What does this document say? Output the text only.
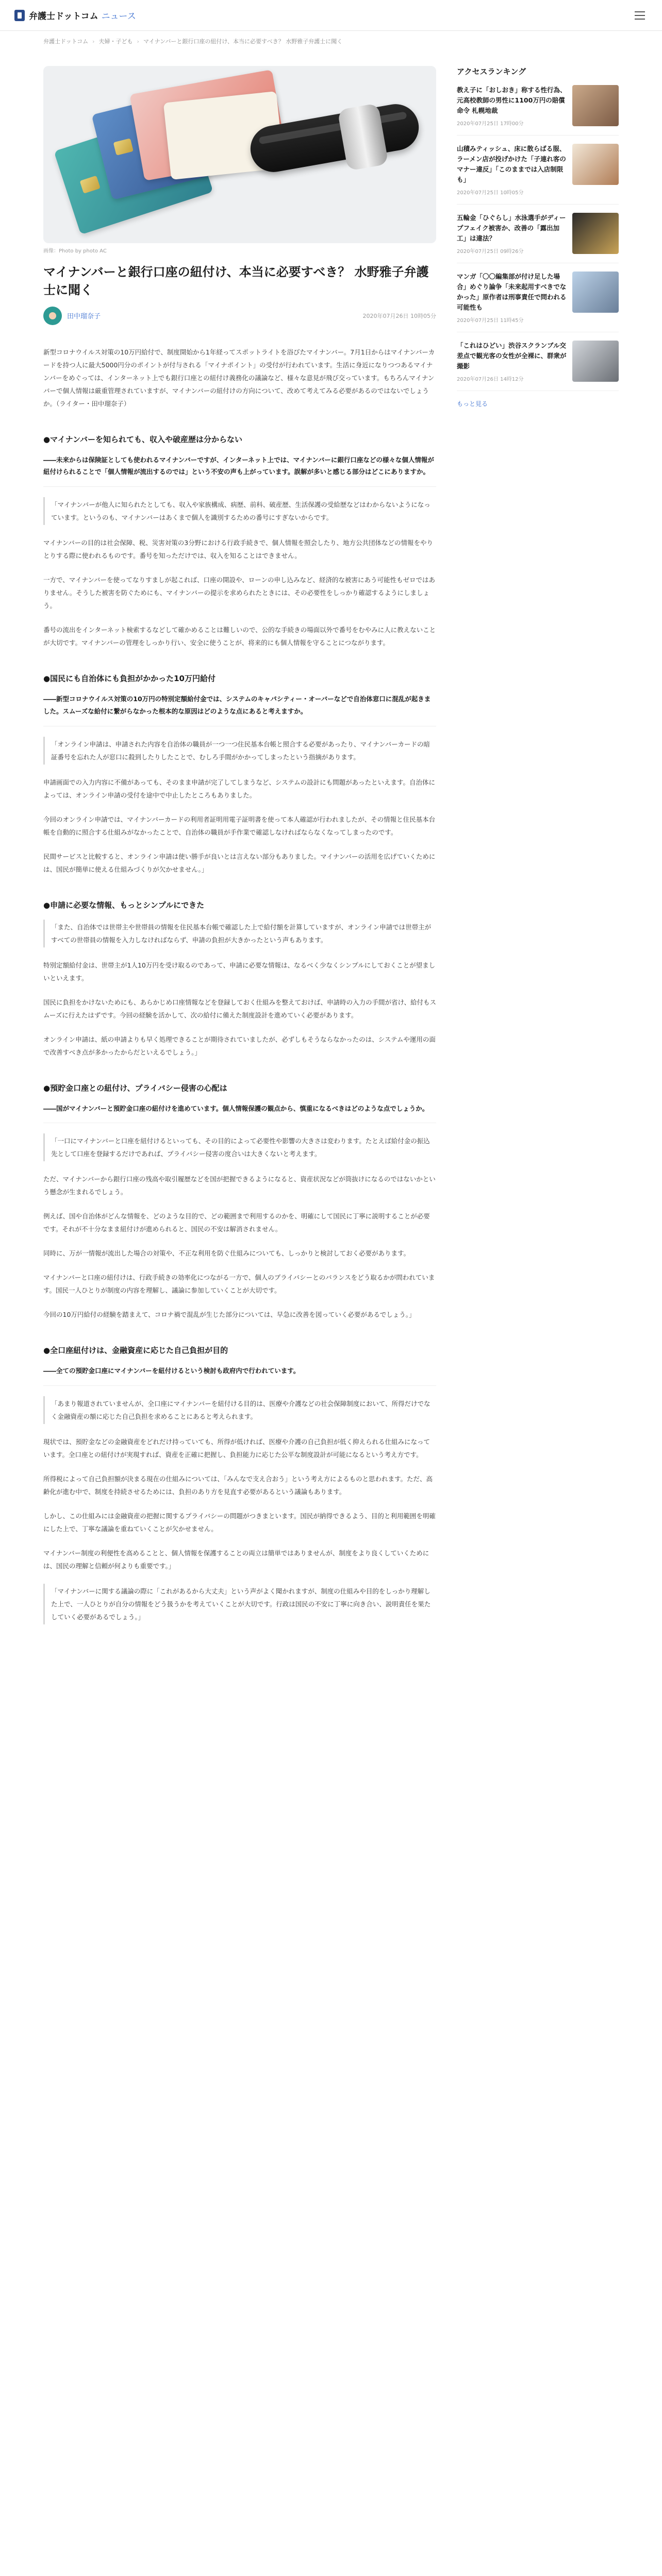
弁護士ドットコム ニュース
弁護士ドットコム › 夫婦・子ども › マイナンバーと銀行口座の紐付け、本当に必要すべき？ 水野雅子弁護士に聞く
画像：Photo by photo AC
マイナンバーと銀行口座の紐付け、本当に必要すべき？ 水野雅子弁護士に聞く
田中瑠奈子	2020年07月26日 10時05分

新型コロナウイルス対策の10万円給付で、制度開始から1年経ってスポットライトを浴びたマイナンバー。7月1日からはマイナンバーカードを持つ人に最大5000円分のポイントが付与される「マイナポイント」の受付が行われています。生活に身近になりつつあるマイナンバーをめぐっては、インターネット上でも銀行口座との紐付け義務化の議論など、様々な意見が飛び交っています。もちろんマイナンバーで個人情報は厳重管理されていますが、マイナンバーの紐付けの方向について、改めて考えてみる必要があるのではないでしょうか。（ライター・田中瑠奈子）

●マイナンバーを知られても、収入や破産歴は分からない

――未来からは保険証としても使われるマイナンバーですが、インターネット上では、マイナンバーに銀行口座などの様々な個人情報が紐付けられることで「個人情報が流出するのでは」という不安の声も上がっています。誤解が多いと感じる部分はどこにありますか。

「マイナンバーが他人に知られたとしても、収入や家族構成、病歴、前科、破産歴、生活保護の受給歴などはわからないようになっています。というのも、マイナンバーはあくまで個人を識別するための番号にすぎないからです。

マイナンバーの目的は社会保障、税、災害対策の3分野における行政手続きで、個人情報を照会したり、地方公共団体などの情報をやりとりする際に使われるものです。番号を知っただけでは、収入を知ることはできません。

一方で、マイナンバーを使ってなりすましが起これば、口座の開設や、ローンの申し込みなど、経済的な被害にあう可能性もゼロではありません。そうした被害を防ぐためにも、マイナンバーの提示を求められたときには、その必要性をしっかり確認するようにしましょう。

番号の流出をインターネット検索するなどして確かめることは難しいので、公的な手続きの場面以外で番号をむやみに人に教えないことが大切です。マイナンバーの管理をしっかり行い、安全に使うことが、将来的にも個人情報を守ることにつながります。

●国民にも自治体にも負担がかかった10万円給付

――新型コロナウイルス対策の10万円の特別定額給付金では、システムのキャパシティー・オーバーなどで自治体窓口に混乱が起きました。スムーズな給付に繋がらなかった根本的な原因はどのような点にあると考えますか。

「オンライン申請は、申請された内容を自治体の職員が一つ一つ住民基本台帳と照合する必要があったり、マイナンバーカードの暗証番号を忘れた人が窓口に殺到したりしたことで、むしろ手間がかかってしまったという指摘があります。

申請画面での入力内容に不備があっても、そのまま申請が完了してしまうなど、システムの設計にも問題があったといえます。自治体によっては、オンライン申請の受付を途中で中止したところもありました。

今回のオンライン申請では、マイナンバーカードの利用者証明用電子証明書を使って本人確認が行われましたが、その情報と住民基本台帳を自動的に照合する仕組みがなかったことで、自治体の職員が手作業で確認しなければならなくなってしまったのです。

民間サービスと比較すると、オンライン申請は使い勝手が良いとは言えない部分もありました。マイナンバーの活用を広げていくためには、国民が簡単に使える仕組みづくりが欠かせません。」

●申請に必要な情報、もっとシンプルにできた

「また、自治体では世帯主や世帯員の情報を住民基本台帳で確認した上で給付額を計算していますが、オンライン申請では世帯主がすべての世帯員の情報を入力しなければならず、申請の負担が大きかったという声もあります。

特別定額給付金は、世帯主が1人10万円を受け取るのであって、申請に必要な情報は、なるべく少なくシンプルにしておくことが望ましいといえます。

国民に負担をかけないためにも、あらかじめ口座情報などを登録しておく仕組みを整えておけば、申請時の入力の手間が省け、給付もスムーズに行えたはずです。今回の経験を活かして、次の給付に備えた制度設計を進めていく必要があります。

オンライン申請は、紙の申請よりも早く処理できることが期待されていましたが、必ずしもそうならなかったのは、システムや運用の面で改善すべき点が多かったからだといえるでしょう。」

●預貯金口座との紐付け、プライバシー侵害の心配は

――国がマイナンバーと預貯金口座の紐付けを進めています。個人情報保護の観点から、慎重になるべきはどのような点でしょうか。

「一口にマイナンバーと口座を紐付けるといっても、その目的によって必要性や影響の大きさは変わります。たとえば給付金の振込先として口座を登録するだけであれば、プライバシー侵害の度合いは大きくないと考えます。

ただ、マイナンバーから銀行口座の残高や取引履歴などを国が把握できるようになると、資産状況などが筒抜けになるのではないかという懸念が生まれるでしょう。

例えば、国や自治体がどんな情報を、どのような目的で、どの範囲まで利用するのかを、明確にして国民に丁寧に説明することが必要です。それが不十分なまま紐付けが進められると、国民の不安は解消されません。

同時に、万が一情報が流出した場合の対策や、不正な利用を防ぐ仕組みについても、しっかりと検討しておく必要があります。

マイナンバーと口座の紐付けは、行政手続きの効率化につながる一方で、個人のプライバシーとのバランスをどう取るかが問われています。国民一人ひとりが制度の内容を理解し、議論に参加していくことが大切です。

今回の10万円給付の経験を踏まえて、コロナ禍で混乱が生じた部分については、早急に改善を図っていく必要があるでしょう。」

●全口座紐付けは、金融資産に応じた自己負担が目的

――全ての預貯金口座にマイナンバーを紐付けるという検討も政府内で行われています。

「あまり報道されていませんが、全口座にマイナンバーを紐付ける目的は、医療や介護などの社会保障制度において、所得だけでなく金融資産の額に応じた自己負担を求めることにあると考えられます。

現状では、預貯金などの金融資産をどれだけ持っていても、所得が低ければ、医療や介護の自己負担が低く抑えられる仕組みになっています。全口座との紐付けが実現すれば、資産を正確に把握し、負担能力に応じた公平な制度設計が可能になるという考え方です。

所得税によって自己負担額が決まる現在の仕組みについては、「みんなで支え合おう」という考え方によるものと思われます。ただ、高齢化が進む中で、制度を持続させるためには、負担のあり方を見直す必要があるという議論もあります。

しかし、この仕組みには金融資産の把握に関するプライバシーの問題がつきまといます。国民が納得できるよう、目的と利用範囲を明確にした上で、丁寧な議論を重ねていくことが欠かせません。

マイナンバー制度の利便性を高めることと、個人情報を保護することの両立は簡単ではありませんが、制度をより良くしていくためには、国民の理解と信頼が何よりも重要です。」

「マイナンバーに関する議論の際に「これがあるから大丈夫」という声がよく聞かれますが、制度の仕組みや目的をしっかり理解した上で、一人ひとりが自分の情報をどう扱うかを考えていくことが大切です。行政は国民の不安に丁寧に向き合い、説明責任を果たしていく必要があるでしょう。」

アクセスランキング
教え子に「おしおき」称する性行為、元高校教師の男性に1100万円の賠償命令 札幌地裁
2020年07月25日 17時00分
山積みティッシュ、床に散らばる服、ラーメン店が投げかけた「子連れ客のマナー違反」「このままでは入店制限も」
2020年07月25日 10時05分
五輪金「ひぐらし」水泳選手がディープフェイク被害か、改善の「露出加工」は違法？
2020年07月25日 09時26分
マンガ「〇〇編集部が付け足した場合」めぐり論争「未来起用すべきでなかった」原作者は刑事責任で問われる可能性も
2020年07月25日 11時45分
「これはひどい」渋谷スクランブル交差点で観光客の女性が全裸に、群衆が撮影
2020年07月26日 14時12分
もっと見る
